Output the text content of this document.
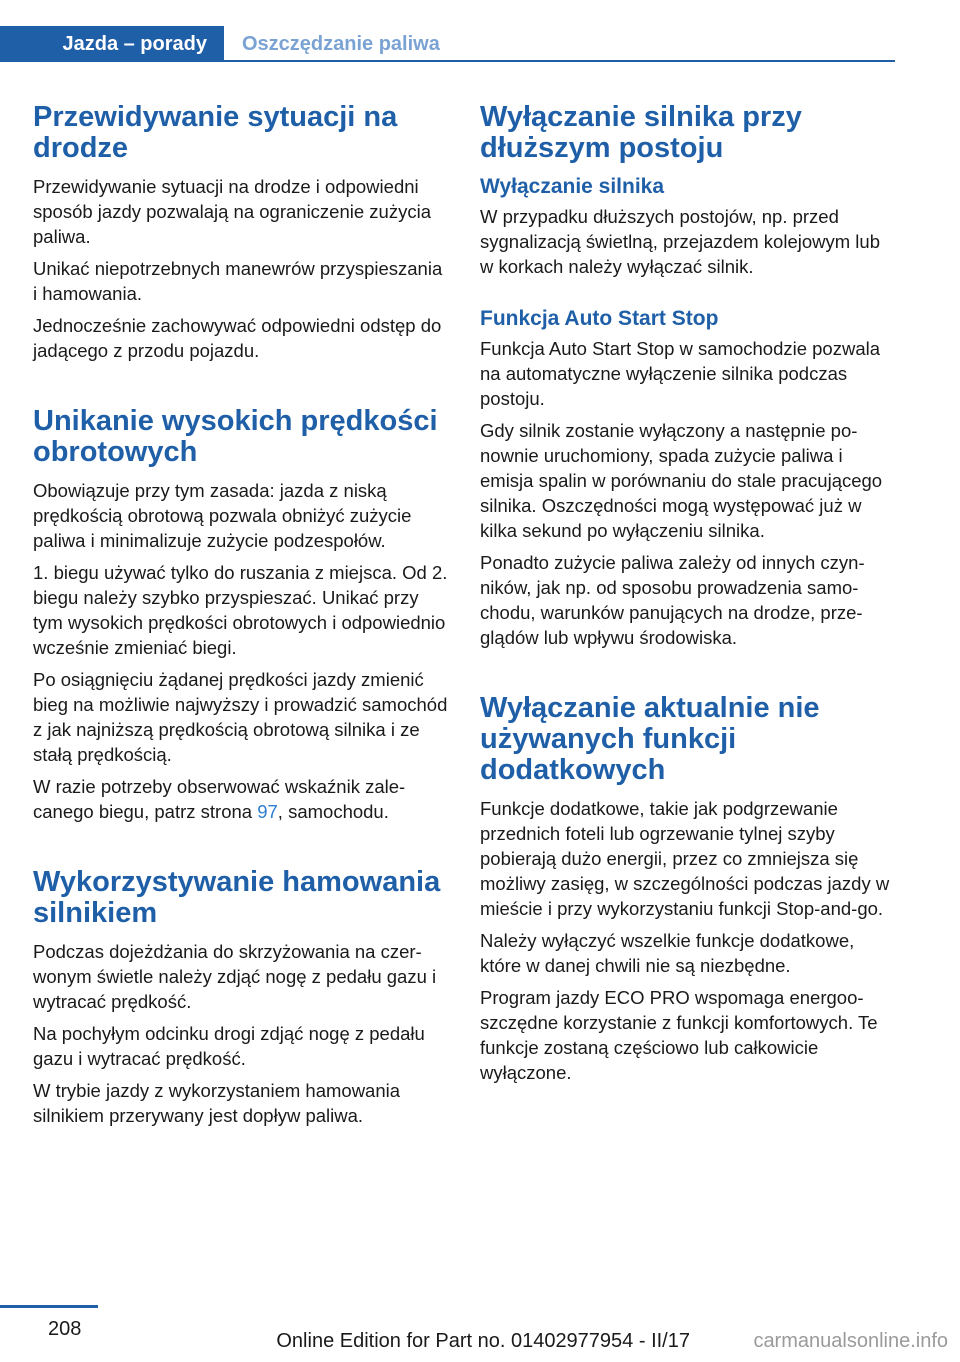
Jazda – porady Oszczędzanie paliwa
Przewidywanie sytuacji na drodze

Przewidywanie sytuacji na drodze i odpowiedni sposób jazdy pozwalają na ograniczenie zużycia paliwa.

Unikać niepotrzebnych manewrów przyspieszania i hamowania.

Jednocześnie zachowywać odpowiedni odstęp do jadącego z przodu pojazdu.

Unikanie wysokich prędkości obrotowych

Obowiązuje przy tym zasada: jazda z niską prędkością obrotową pozwala obniżyć zużycie paliwa i minimalizuje zużycie podzespołów.

1. biegu używać tylko do ruszania z miejsca. Od 2. biegu należy szybko przyspieszać. Unikać przy tym wysokich prędkości obrotowych i odpowiednio wcześnie zmieniać biegi.

Po osiągnięciu żądanej prędkości jazdy zmienić bieg na możliwie najwyższy i prowadzić samochód z jak najniższą prędkością obrotową silnika i ze stałą prędkością.

W razie potrzeby obserwować wskaźnik zalecanego biegu, patrz strona 97, samochodu.

Wykorzystywanie hamowania silnikiem

Podczas dojeżdżania do skrzyżowania na czerwonym świetle należy zdjąć nogę z pedału gazu i wytracać prędkość.

Na pochyłym odcinku drogi zdjąć nogę z pedału gazu i wytracać prędkość.

W trybie jazdy z wykorzystaniem hamowania silnikiem przerywany jest dopływ paliwa.

Wyłączanie silnika przy dłuższym postoju
Wyłączanie silnika

W przypadku dłuższych postojów, np. przed sygnalizacją świetlną, przejazdem kolejowym lub w korkach należy wyłączać silnik.

Funkcja Auto Start Stop

Funkcja Auto Start Stop w samochodzie pozwala na automatyczne wyłączenie silnika podczas postoju.

Gdy silnik zostanie wyłączony a następnie ponownie uruchomiony, spada zużycie paliwa i emisja spalin w porównaniu do stale pracującego silnika. Oszczędności mogą występować już w kilka sekund po wyłączeniu silnika.

Ponadto zużycie paliwa zależy od innych czynników, jak np. od sposobu prowadzenia samochodu, warunków panujących na drodze, przeglądów lub wpływu środowiska.

Wyłączanie aktualnie nie używanych funkcji dodatkowych

Funkcje dodatkowe, takie jak podgrzewanie przednich foteli lub ogrzewanie tylnej szyby pobierają dużo energii, przez co zmniejsza się możliwy zasięg, w szczególności podczas jazdy w mieście i przy wykorzystaniu funkcji Stop-and-go.

Należy wyłączyć wszelkie funkcje dodatkowe, które w danej chwili nie są niezbędne.

Program jazdy ECO PRO wspomaga energooszczędne korzystanie z funkcji komfortowych. Te funkcje zostaną częściowo lub całkowicie wyłączone.

208
Online Edition for Part no. 01402977954 - II/17	carmanualsonline.info
